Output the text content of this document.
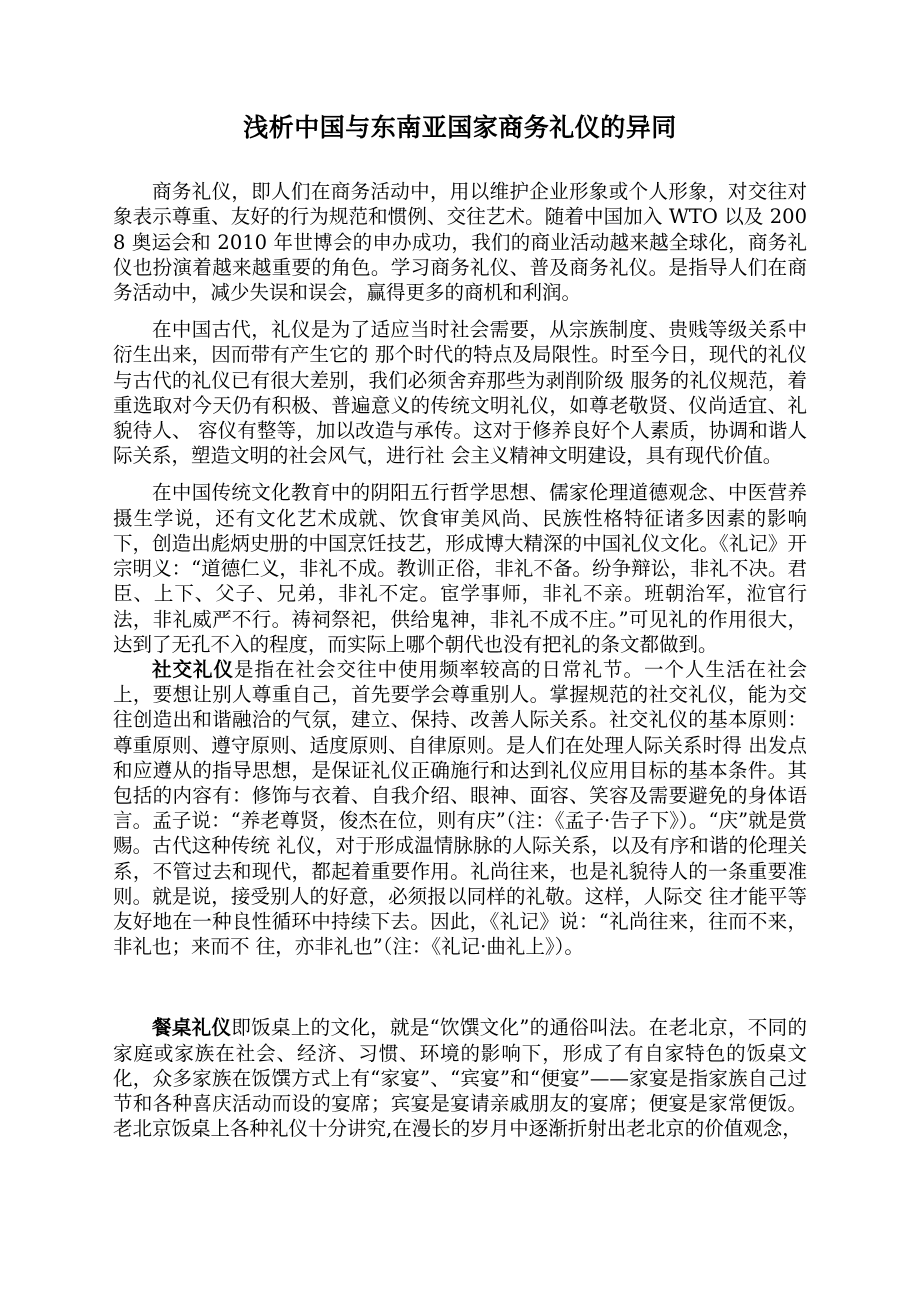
浅析中国与东南亚国家商务礼仪的异同

商务礼仪，即人们在商务活动中，用以维护企业形象或个人形象，对交往对象表示尊重、友好的行为规范和惯例、交往艺术。随着中国加入 WTO 以及 2008 奥运会和 2010 年世博会的申办成功，我们的商业活动越来越全球化，商务礼仪也扮演着越来越重要的角色。学习商务礼仪、普及商务礼仪。是指导人们在商务活动中，减少失误和误会，赢得更多的商机和利润。

在中国古代，礼仪是为了适应当时社会需要，从宗族制度、贵贱等级关系中衍生出来，因而带有产生它的 那个时代的特点及局限性。时至今日，现代的礼仪与古代的礼仪已有很大差别，我们必须舍弃那些为剥削阶级 服务的礼仪规范，着重选取对今天仍有积极、普遍意义的传统文明礼仪，如尊老敬贤、仪尚适宜、礼貌待人、 容仪有整等，加以改造与承传。这对于修养良好个人素质，协调和谐人际关系，塑造文明的社会风气，进行社 会主义精神文明建设，具有现代价值。

在中国传统文化教育中的阴阳五行哲学思想、儒家伦理道德观念、中医营养摄生学说，还有文化艺术成就、饮食审美风尚、民族性格特征诸多因素的影响下，创造出彪炳史册的中国烹饪技艺，形成博大精深的中国礼仪文化。《礼记》开宗明义：“道德仁义，非礼不成。教训正俗，非礼不备。纷争辩讼，非礼不决。君臣、上下、父子、兄弟，非礼不定。宦学事师，非礼不亲。班朝治军，涖官行法，非礼威严不行。祷祠祭祀，供给鬼神，非礼不成不庄。”可见礼的作用很大，达到了无孔不入的程度，而实际上哪个朝代也没有把礼的条文都做到。

社交礼仪是指在社会交往中使用频率较高的日常礼节。一个人生活在社会上，要想让别人尊重自己，首先要学会尊重别人。掌握规范的社交礼仪，能为交往创造出和谐融洽的气氛，建立、保持、改善人际关系。社交礼仪的基本原则：尊重原则、遵守原则、适度原则、自律原则。是人们在处理人际关系时得 出发点和应遵从的指导思想，是保证礼仪正确施行和达到礼仪应用目标的基本条件。其包括的内容有：修饰与衣着、自我介绍、眼神、面容、笑容及需要避免的身体语言。孟子说：“养老尊贤，俊杰在位，则有庆”（注：《孟子·告子下》）。“庆”就是赏赐。古代这种传统 礼仪，对于形成温情脉脉的人际关系，以及有序和谐的伦理关系，不管过去和现代，都起着重要作用。礼尚往来，也是礼貌待人的一条重要准则。就是说，接受别人的好意，必须报以同样的礼敬。这样，人际交 往才能平等友好地在一种良性循环中持续下去。因此，《礼记》说：“礼尚往来，往而不来，非礼也；来而不 往，亦非礼也”（注：《礼记·曲礼上》）。

餐桌礼仪即饭桌上的文化，就是“饮馔文化”的通俗叫法。在老北京，不同的家庭或家族在社会、经济、习惯、环境的影响下，形成了有自家特色的饭桌文化，众多家族在饭馔方式上有“家宴”、“宾宴”和“便宴”——家宴是指家族自己过节和各种喜庆活动而设的宴席；宾宴是宴请亲戚朋友的宴席；便宴是家常便饭。老北京饭桌上各种礼仪十分讲究,在漫长的岁月中逐渐折射出老北京的价值观念，
